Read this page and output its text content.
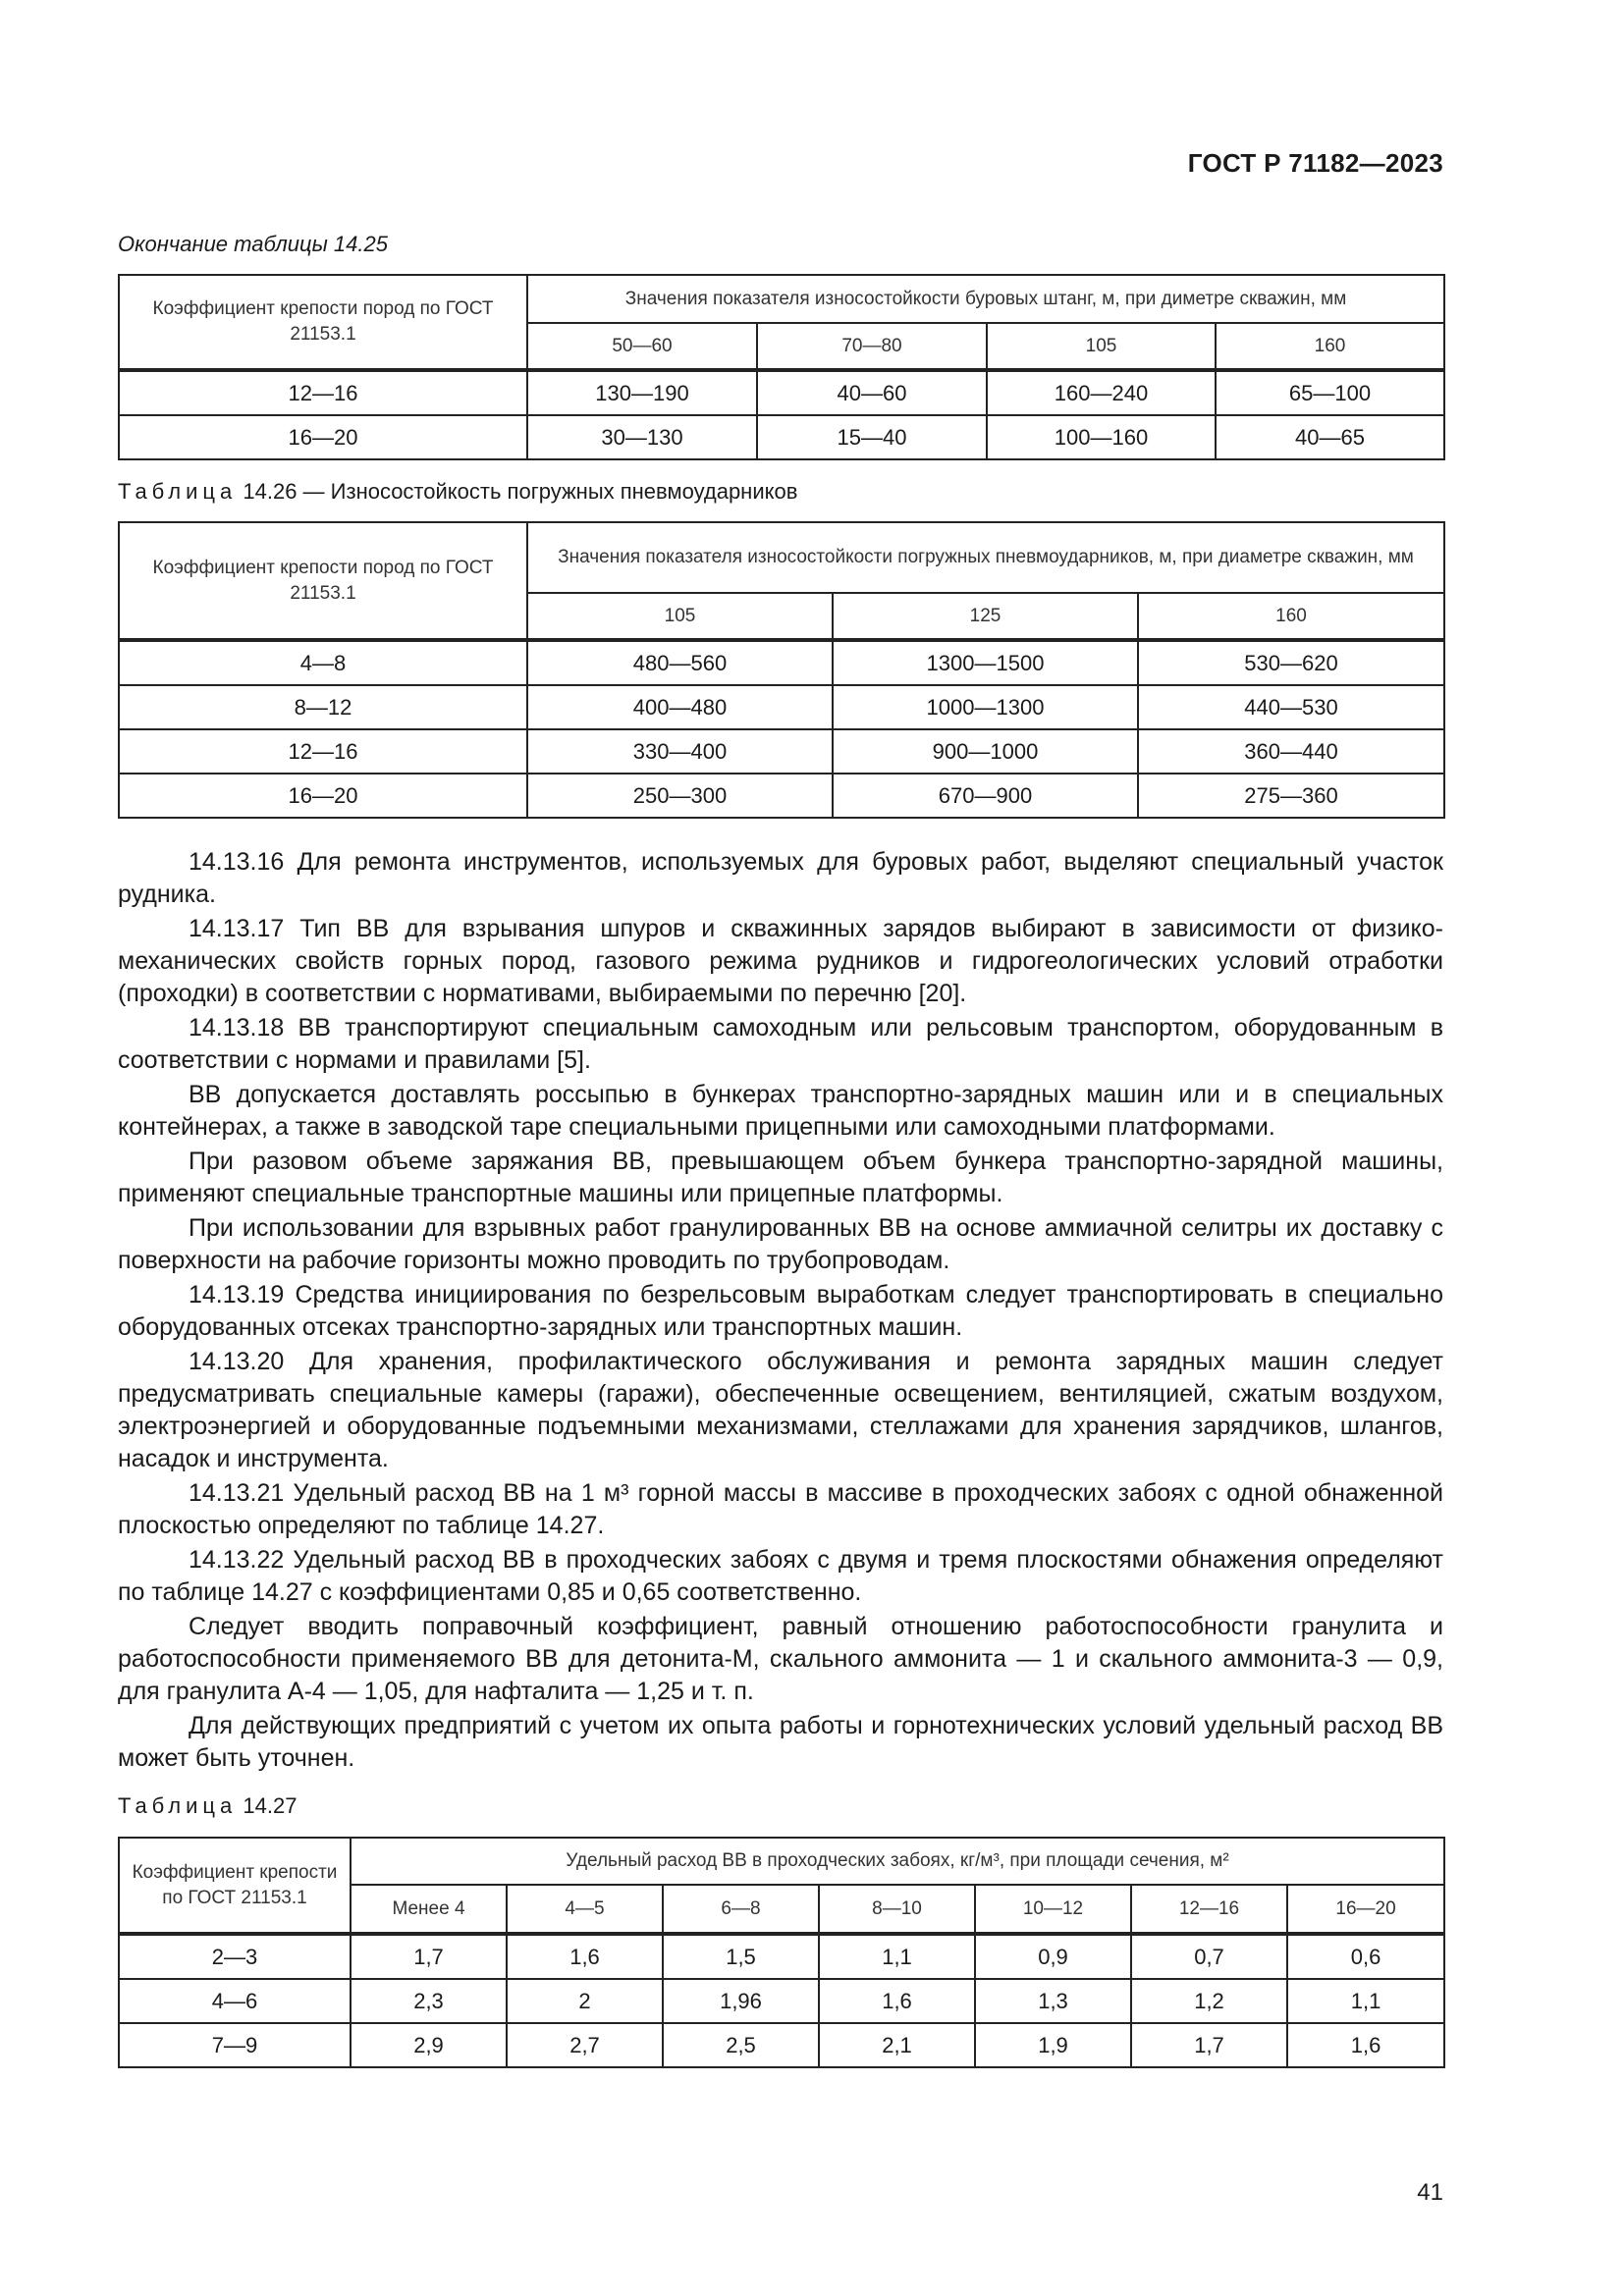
ГОСТ Р 71182—2023
Окончание таблицы 14.25
Коэффициент крепости пород по ГОСТ 21153.1	Значения показателя износостойкости буровых штанг, м, при диметре скважин, мм			
	50—60	70—80	105	160
12—16	130—190	40—60	160—240	65—100
16—20	30—130	15—40	100—160	40—65
Таблица 14.26 — Износостойкость погружных пневмоударников
Коэффициент крепости пород по ГОСТ 21153.1	Значения показателя износостойкости погружных пневмоударников, м, при диаметре скважин, мм		
	105	125	160
4—8	480—560	1300—1500	530—620
8—12	400—480	1000—1300	440—530
12—16	330—400	900—1000	360—440
16—20	250—300	670—900	275—360

14.13.16 Для ремонта инструментов, используемых для буровых работ, выделяют специальный участок рудника.

14.13.17 Тип ВВ для взрывания шпуров и скважинных зарядов выбирают в зависимости от физико-механических свойств горных пород, газового режима рудников и гидрогеологических условий отработки (проходки) в соответствии с нормативами, выбираемыми по перечню [20].

14.13.18 ВВ транспортируют специальным самоходным или рельсовым транспортом, оборудованным в соответствии с нормами и правилами [5].

ВВ допускается доставлять россыпью в бункерах транспортно-зарядных машин или и в специальных контейнерах, а также в заводской таре специальными прицепными или самоходными платформами.

При разовом объеме заряжания ВВ, превышающем объем бункера транспортно-зарядной машины, применяют специальные транспортные машины или прицепные платформы.

При использовании для взрывных работ гранулированных ВВ на основе аммиачной селитры их доставку с поверхности на рабочие горизонты можно проводить по трубопроводам.

14.13.19 Средства инициирования по безрельсовым выработкам следует транспортировать в специально оборудованных отсеках транспортно-зарядных или транспортных машин.

14.13.20 Для хранения, профилактического обслуживания и ремонта зарядных машин следует предусматривать специальные камеры (гаражи), обеспеченные освещением, вентиляцией, сжатым воздухом, электроэнергией и оборудованные подъемными механизмами, стеллажами для хранения зарядчиков, шлангов, насадок и инструмента.

14.13.21 Удельный расход ВВ на 1 м³ горной массы в массиве в проходческих забоях с одной обнаженной плоскостью определяют по таблице 14.27.

14.13.22 Удельный расход ВВ в проходческих забоях с двумя и тремя плоскостями обнажения определяют по таблице 14.27 с коэффициентами 0,85 и 0,65 соответственно.

Следует вводить поправочный коэффициент, равный отношению работоспособности гранулита и работоспособности применяемого ВВ для детонита-М, скального аммонита — 1 и скального аммонита-3 — 0,9, для гранулита А-4 — 1,05, для нафталита — 1,25 и т. п.

Для действующих предприятий с учетом их опыта работы и горнотехнических условий удельный расход ВВ может быть уточнен.

Таблица 14.27
Коэффициент крепости по ГОСТ 21153.1	Удельный расход ВВ в проходческих забоях, кг/м³, при площади сечения, м²						
	Менее 4	4—5	6—8	8—10	10—12	12—16	16—20
2—3	1,7	1,6	1,5	1,1	0,9	0,7	0,6
4—6	2,3	2	1,96	1,6	1,3	1,2	1,1
7—9	2,9	2,7	2,5	2,1	1,9	1,7	1,6
41
